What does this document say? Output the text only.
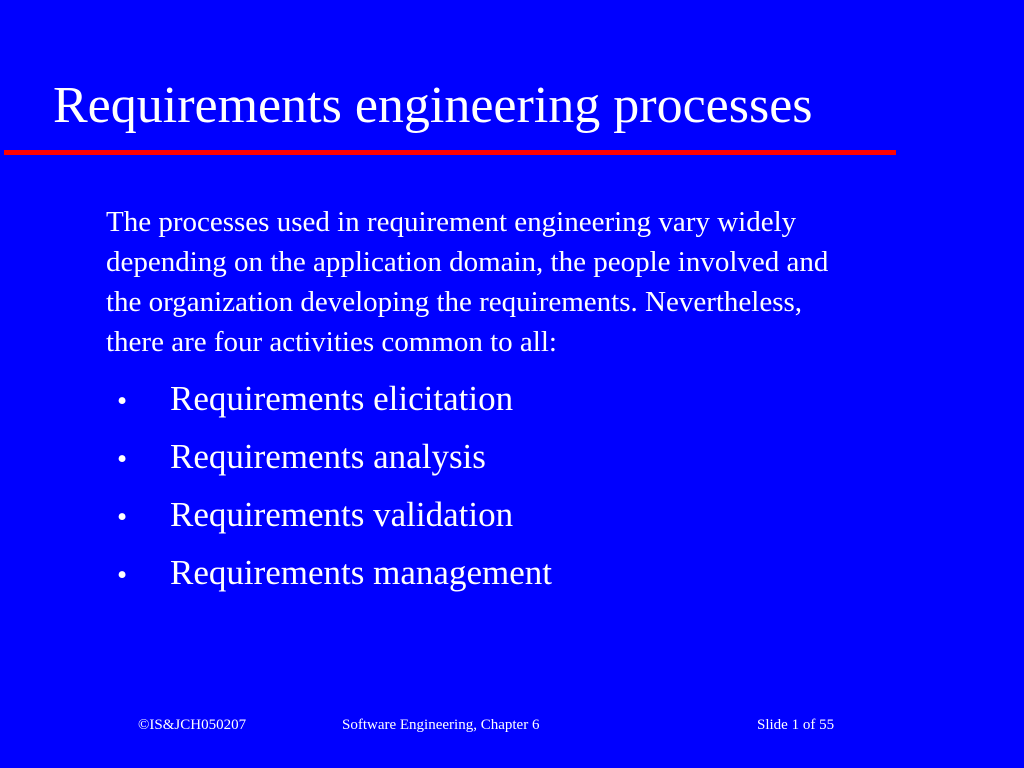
Requirements engineering processes

The processes used in requirement engineering vary widely
depending on the application domain, the people involved and
the organization developing the requirements. Nevertheless,
there are four activities common to all:

• Requirements elicitation
• Requirements analysis
• Requirements validation
• Requirements management
©IS&JCH050207	Software Engineering, Chapter 6	Slide 1 of 55
